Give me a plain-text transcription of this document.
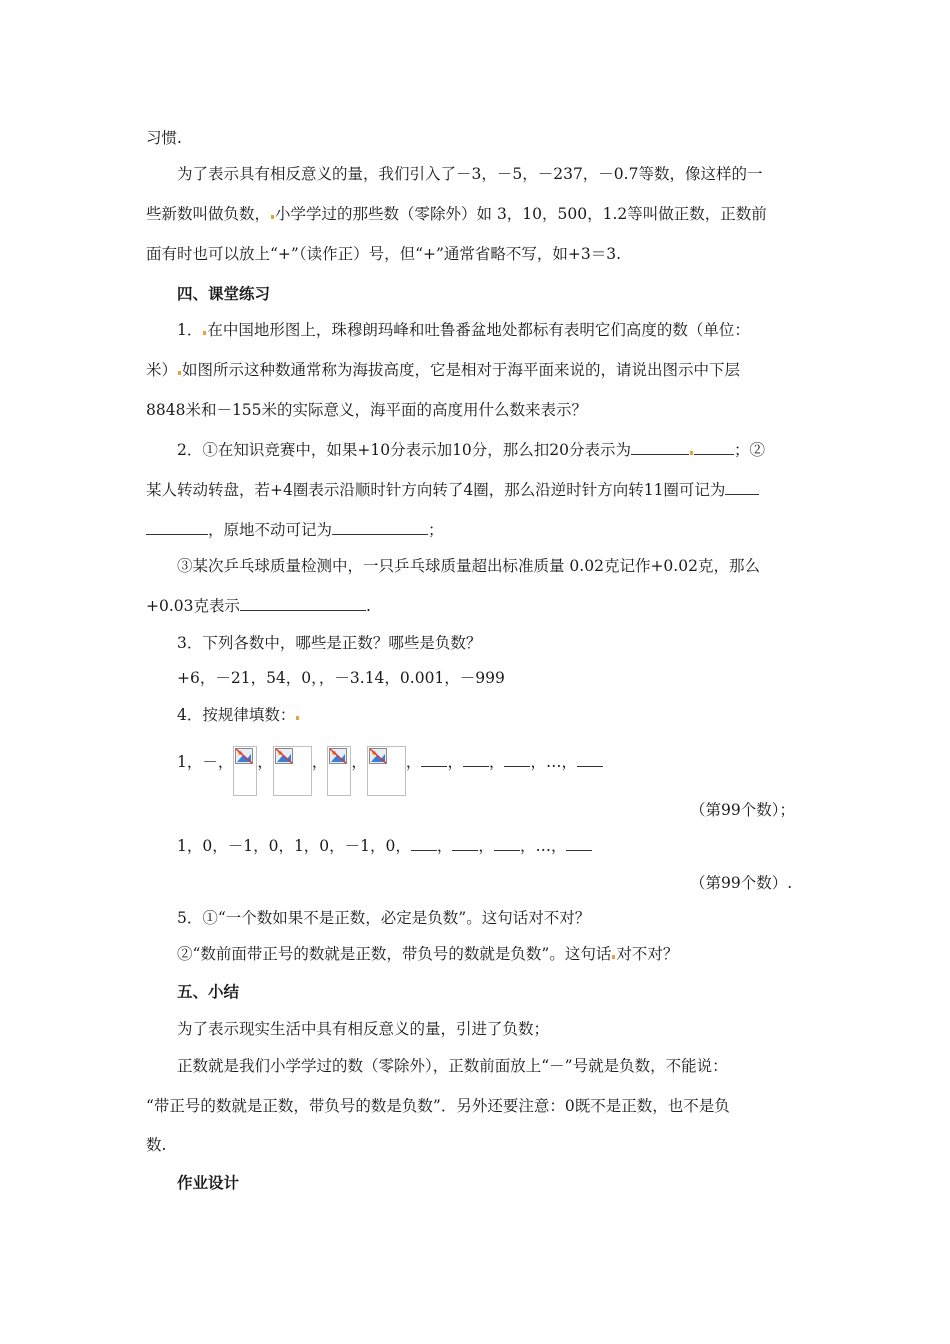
习惯.
为了表示具有相反意义的量，我们引入了－3，－5，－237，－0.7等数，像这样的一
些新数叫做负数， 小学学过的那些数（零除外）如 3，10，500，1.2等叫做正数，正数前
面有时也可以放上“+”（读作正）号，但“+”通常省略不写，如+3＝3.
四、课堂练习
1． 在中国地形图上，珠穆朗玛峰和吐鲁番盆地处都标有表明它们高度的数（单位：
米） 如图所示这种数通常称为海拔高度，它是相对于海平面来说的，请说出图示中下层
8848米和－155米的实际意义，海平面的高度用什么数来表示？
2．①在知识竞赛中，如果+10分表示加10分，那么扣20分表示为	；②
某人转动转盘，若+4圈表示沿顺时针方向转了4圈，那么沿逆时针方向转11圈可记为
，原地不动可记为	；
③某次乒乓球质量检测中，一只乒乓球质量超出标准质量 0.02克记作+0.02克，那么
+0.03克表示	.
3．下列各数中，哪些是正数？哪些是负数？
+6，－21，54，0，，－3.14，0.001，－999
4．按规律填数：
1，－， ，	， ，	， ， ， ，…，
（第99个数）；
1，0，－1，0，1，0，－1，0， ， ， ，…，
（第99个数）.
5．①“一个数如果不是正数，必定是负数”。这句话对不对？
②“数前面带正号的数就是正数，带负号的数就是负数”。这句话 对不对？
五、小结
为了表示现实生活中具有相反意义的量，引进了负数；
正数就是我们小学学过的数（零除外），正数前面放上“－”号就是负数，不能说：
“带正号的数就是正数，带负号的数是负数”．另外还要注意：0既不是正数，也不是负
数.
作业设计
